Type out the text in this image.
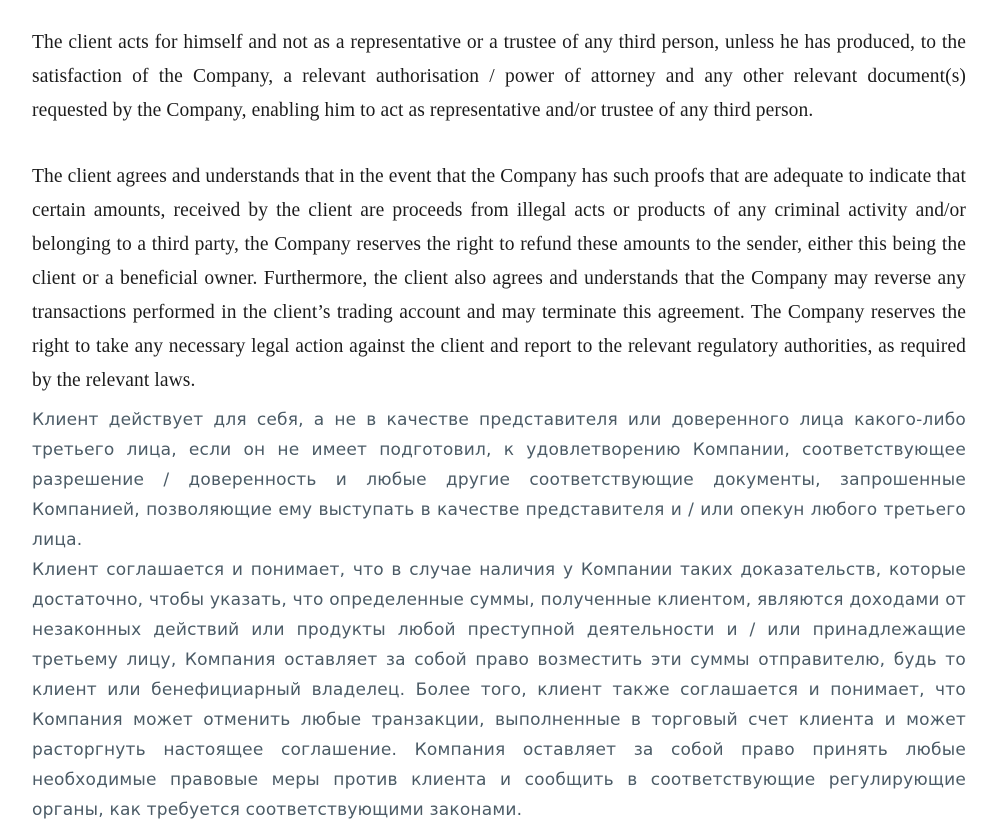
The client acts for himself and not as a representative or a trustee of any third person, unless he has produced, to the satisfaction of the Company, a relevant authorisation / power of attorney and any other relevant document(s) requested by the Company, enabling him to act as representative and/or trustee of any third person.

The client agrees and understands that in the event that the Company has such proofs that are adequate to indicate that certain amounts, received by the client are proceeds from illegal acts or products of any criminal activity and/or belonging to a third party, the Company reserves the right to refund these amounts to the sender, either this being the client or a beneficial owner. Furthermore, the client also agrees and understands that the Company may reverse any transactions performed in the client’s trading account and may terminate this agreement. The Company reserves the right to take any necessary legal action against the client and report to the relevant regulatory authorities, as required by the relevant laws.

Клиент действует для себя, а не в качестве представителя или доверенного лица какого-либо третьего лица, если он не имеет подготовил, к удовлетворению Компании, соответствующее разрешение / доверенность и любые другие соответствующие документы, запрошенные Компанией, позволяющие ему выступать в качестве представителя и / или опекун любого третьего лица.

Клиент соглашается и понимает, что в случае наличия у Компании таких доказательств, которые достаточно, чтобы указать, что определенные суммы, полученные клиентом, являются доходами от незаконных действий или продукты любой преступной деятельности и / или принадлежащие третьему лицу, Компания оставляет за собой право возместить эти суммы отправителю, будь то клиент или бенефициарный владелец. Более того, клиент также соглашается и понимает, что Компания может отменить любые транзакции, выполненные в торговый счет клиента и может расторгнуть настоящее соглашение. Компания оставляет за собой право принять любые необходимые правовые меры против клиента и сообщить в соответствующие регулирующие органы, как требуется соответствующими законами.
